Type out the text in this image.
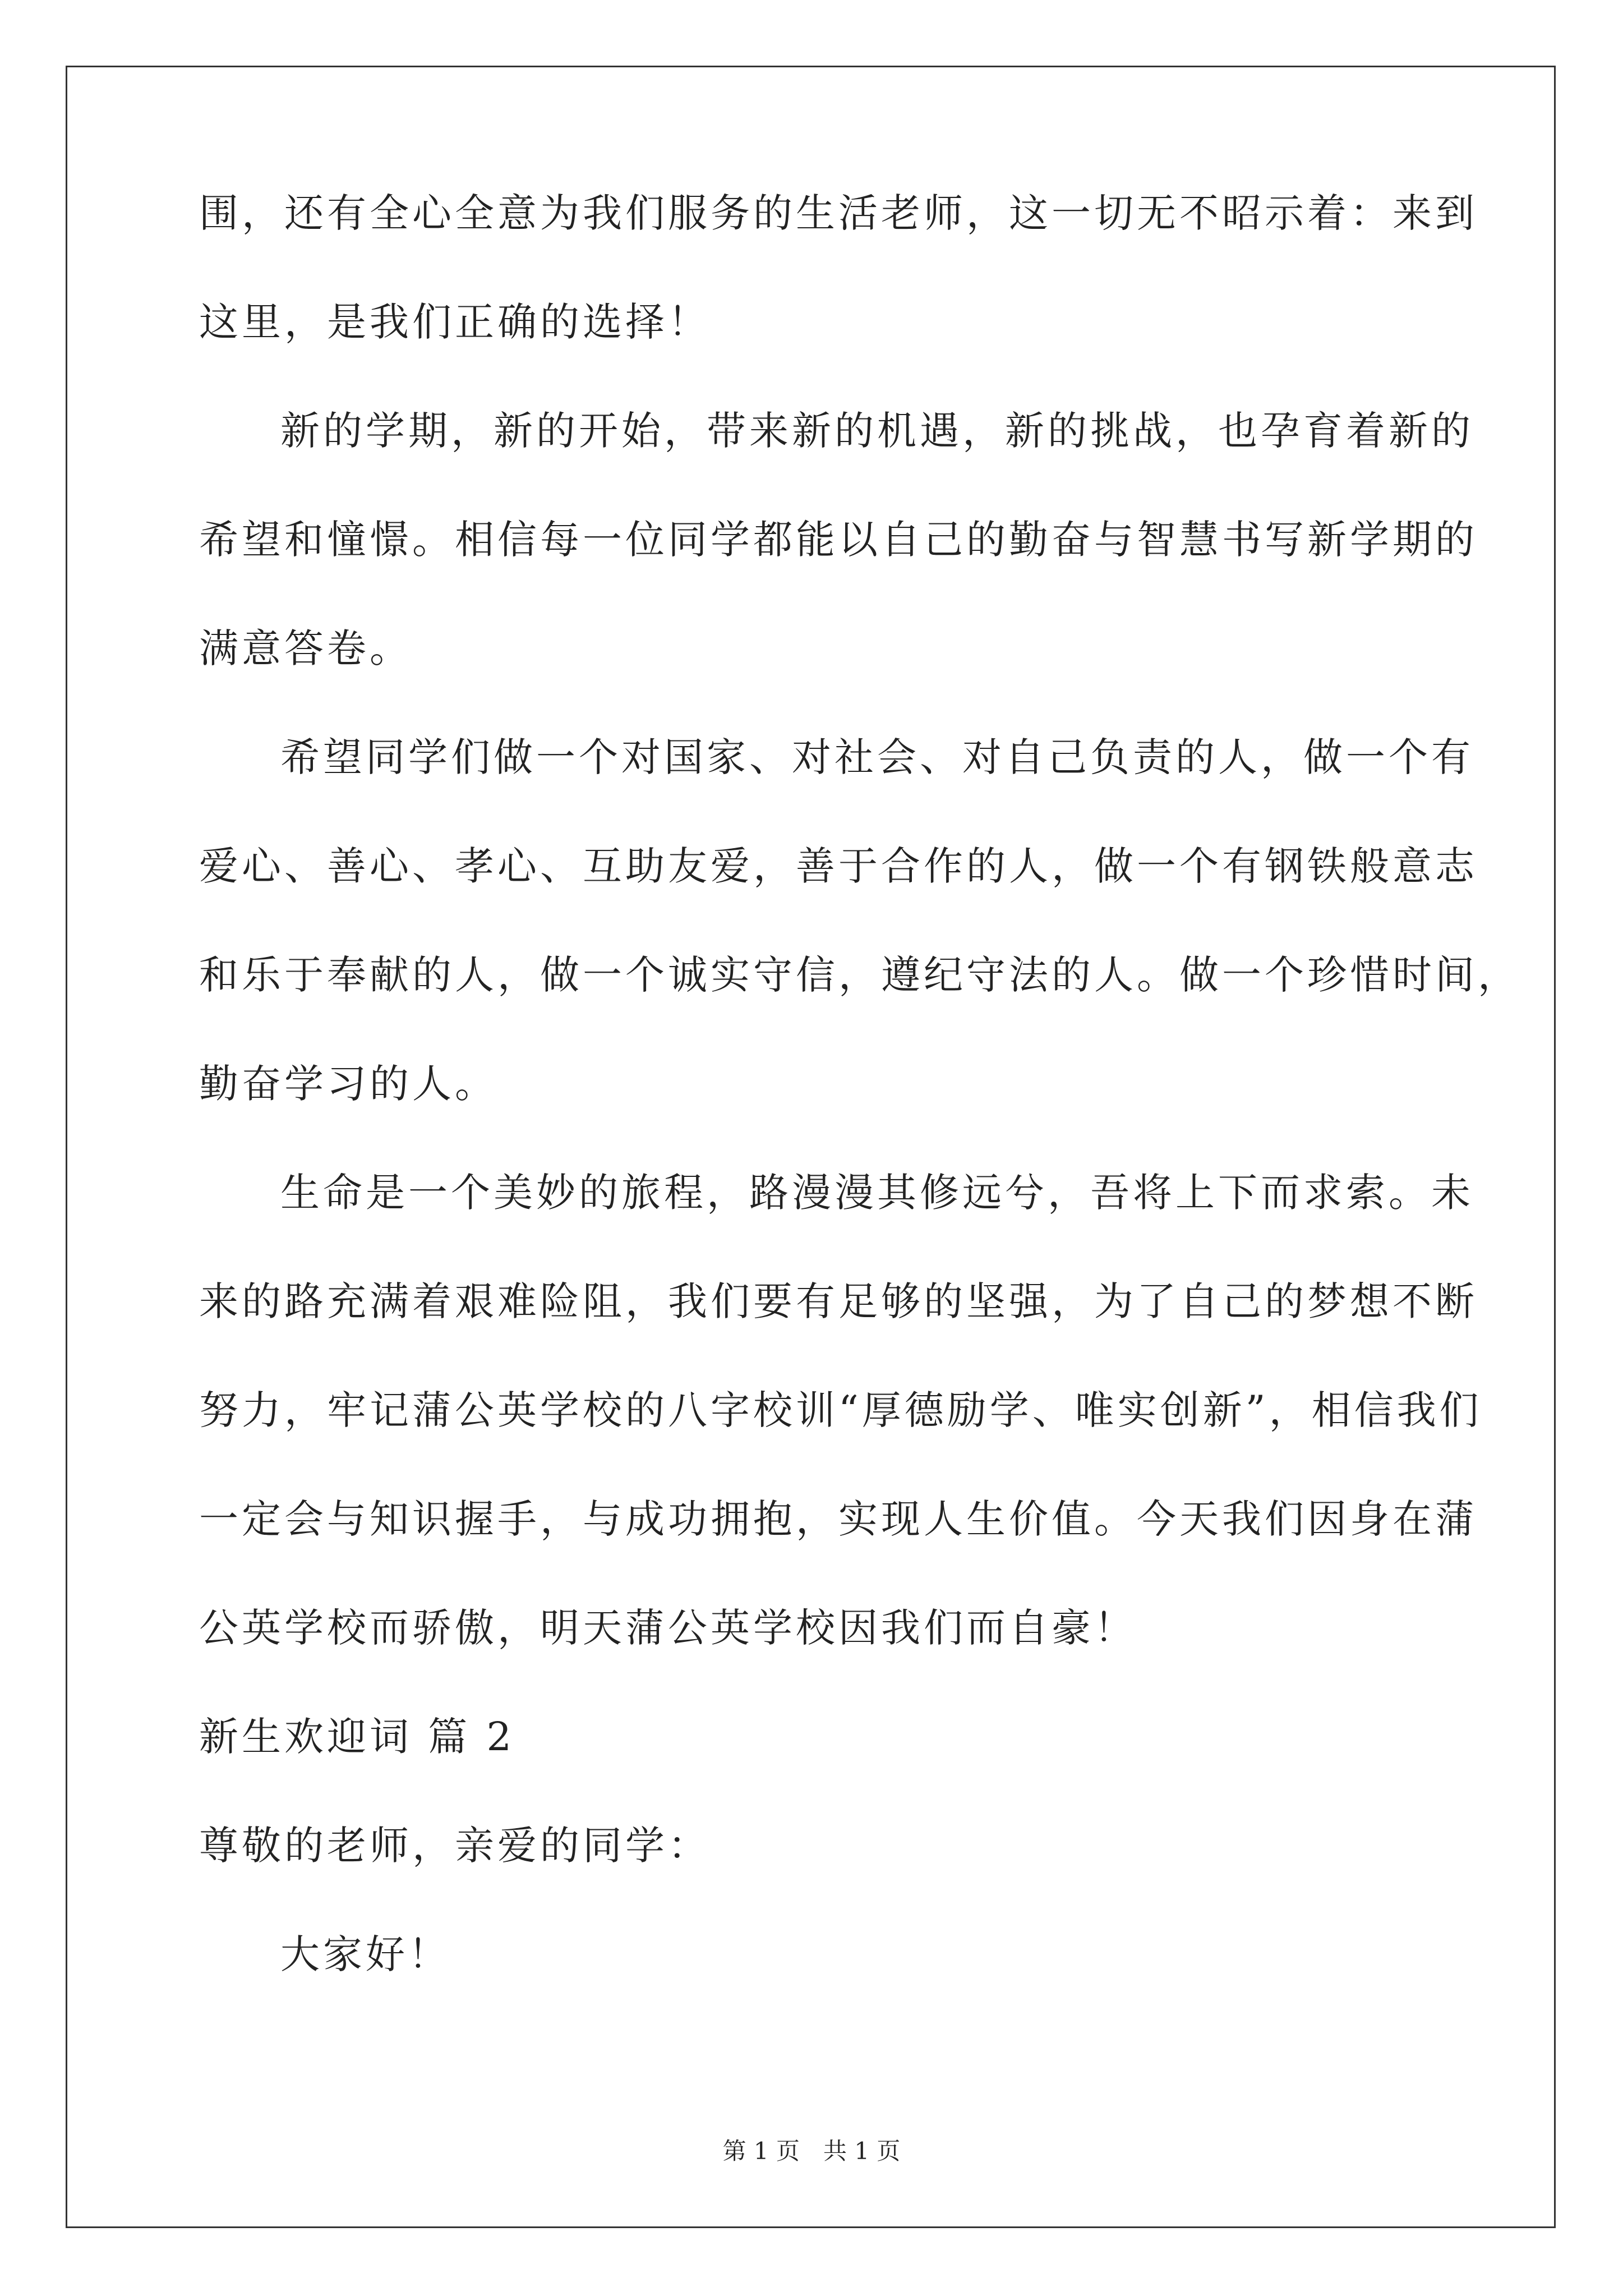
围，还有全心全意为我们服务的生活老师，这一切无不昭示着：来到
这里，是我们正确的选择！
新的学期，新的开始，带来新的机遇，新的挑战，也孕育着新的
希望和憧憬。相信每一位同学都能以自己的勤奋与智慧书写新学期的
满意答卷。
希望同学们做一个对国家、对社会、对自己负责的人，做一个有
爱心、善心、孝心、互助友爱，善于合作的人，做一个有钢铁般意志
和乐于奉献的人，做一个诚实守信，遵纪守法的人。做一个珍惜时间，
勤奋学习的人。
生命是一个美妙的旅程，路漫漫其修远兮，吾将上下而求索。未
来的路充满着艰难险阻，我们要有足够的坚强，为了自己的梦想不断
努力，牢记蒲公英学校的八字校训“厚德励学、唯实创新”，相信我们
一定会与知识握手，与成功拥抱，实现人生价值。今天我们因身在蒲
公英学校而骄傲，明天蒲公英学校因我们而自豪！
新生欢迎词 篇 2
尊敬的老师，亲爱的同学：
大家好！
第 1 页　共 1 页
